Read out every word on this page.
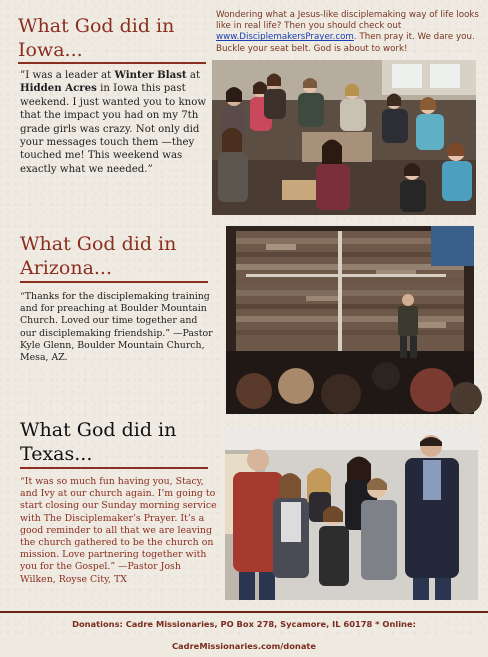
What God did in
Iowa...
”I was a leader at Winter Blast at Hidden Acres in Iowa this past weekend. I just wanted you to know that the impact you had on my 7th grade girls was crazy. Not only did your messages touch them —they touched me! This weekend was exactly what we needed.”
Wondering what a Jesus-like disciplemaking way of life looks like in real life? Then you should check out www.DisciplemakersPrayer.com. Then pray it. We dare you. Buckle your seat belt. God is about to work!
What God did in
Arizona...
“Thanks for the disciplemaking training and for preaching at Boulder Mountain Church. Loved our time together and our disciplemaking friendship.” —Pastor Kyle Glenn, Boulder Mountain Church, Mesa, AZ.
What God did in
Texas...
“It was so much fun having you, Stacy, and Ivy at our church again. I’m going to start closing our Sunday morning service with The Disciplemaker’s Prayer. It’s a good reminder to all that we are leaving the church gathered to be the church on mission. Love partnering together with you for the Gospel.” —Pastor Josh Wilken, Royse City, TX
Donations: Cadre Missionaries, PO Box 278, Sycamore, IL 60178 * Online: CadreMissionaries.com/donate
